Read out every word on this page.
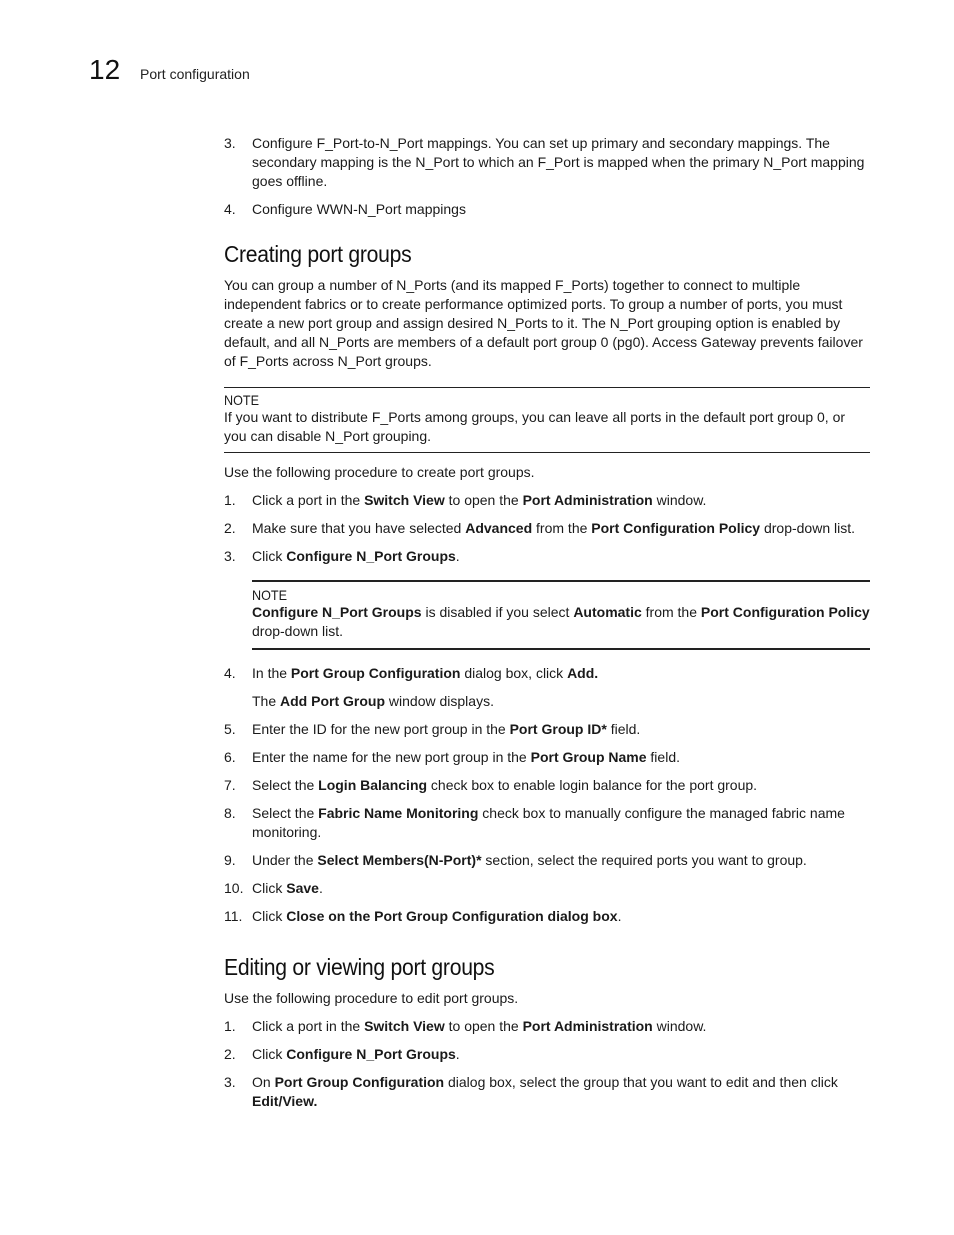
12 Port configuration
3. Configure F_Port-to-N_Port mappings. You can set up primary and secondary mappings. The secondary mapping is the N_Port to which an F_Port is mapped when the primary N_Port mapping goes offline.
4. Configure WWN-N_Port mappings
Creating port groups

You can group a number of N_Ports (and its mapped F_Ports) together to connect to multiple independent fabrics or to create performance optimized ports. To group a number of ports, you must create a new port group and assign desired N_Ports to it. The N_Port grouping option is enabled by default, and all N_Ports are members of a default port group 0 (pg0). Access Gateway prevents failover of F_Ports across N_Port groups.

NOTE
If you want to distribute F_Ports among groups, you can leave all ports in the default port group 0, or you can disable N_Port grouping.

Use the following procedure to create port groups.

1. Click a port in the Switch View to open the Port Administration window.
2. Make sure that you have selected Advanced from the Port Configuration Policy drop-down list.
3. Click Configure N_Port Groups.
NOTE
Configure N_Port Groups is disabled if you select Automatic from the Port Configuration Policy drop-down list.
4. In the Port Group Configuration dialog box, click Add.
The Add Port Group window displays.
5. Enter the ID for the new port group in the Port Group ID* field.
6. Enter the name for the new port group in the Port Group Name field.
7. Select the Login Balancing check box to enable login balance for the port group.
8. Select the Fabric Name Monitoring check box to manually configure the managed fabric name monitoring.
9. Under the Select Members(N-Port)* section, select the required ports you want to group.
10. Click Save.
11. Click Close on the Port Group Configuration dialog box.
Editing or viewing port groups

Use the following procedure to edit port groups.

1. Click a port in the Switch View to open the Port Administration window.
2. Click Configure N_Port Groups.
3. On Port Group Configuration dialog box, select the group that you want to edit and then click Edit/View.
